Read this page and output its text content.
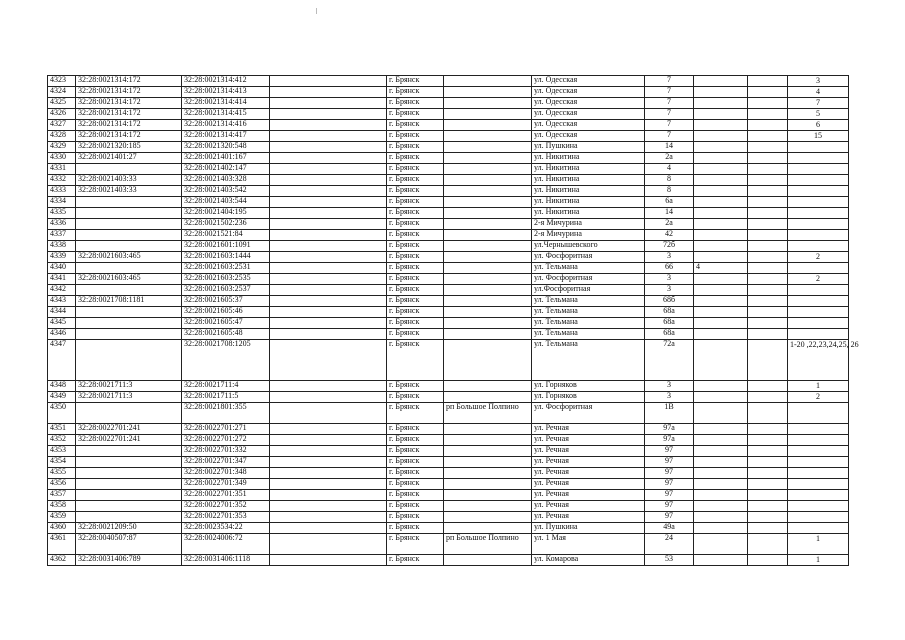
4323	32:28:0021314:172	32:28:0021314:412		г. Брянск		ул. Одесская	7			3
4324	32:28:0021314:172	32:28:0021314:413		г. Брянск		ул. Одесская	7			4
4325	32:28:0021314:172	32:28:0021314:414		г. Брянск		ул. Одесская	7			7
4326	32:28:0021314:172	32:28:0021314:415		г. Брянск		ул. Одесская	7			5
4327	32:28:0021314:172	32:28:0021314:416		г. Брянск		ул. Одесская	7			6
4328	32:28:0021314:172	32:28:0021314:417		г. Брянск		ул. Одесская	7			15
4329	32:28:0021320:185	32:28:0021320:548		г. Брянск		ул. Пушкина	14			
4330	32:28:0021401:27	32:28:0021401:167		г. Брянск		ул. Никитина	2а			
4331		32:28:0021402:147		г. Брянск		ул. Никитина	4			
4332	32:28:0021403:33	32:28:0021403:328		г. Брянск		ул. Никитина	8			
4333	32:28:0021403:33	32:28:0021403:542		г. Брянск		ул. Никитина	8			
4334		32:28:0021403:544		г. Брянск		ул. Никитина	6а			
4335		32:28:0021404:195		г. Брянск		ул. Никитина	14			
4336		32:28:0021502:236		г. Брянск		2-я Мичурина	2а			
4337		32:28:0021521:84		г. Брянск		2-я Мичурина	42			
4338		32:28:0021601:1091		г. Брянск		ул.Чернышевского	72б			
4339	32:28:0021603:465	32:28:0021603:1444		г. Брянск		ул. Фосфоритная	3			2
4340		32:28:0021603:2531		г. Брянск		ул. Тельмана	66	4		
4341	32:28:0021603:465	32:28:0021603:2535		г. Брянск		ул. Фосфоритная	3			2
4342		32:28:0021603:2537		г. Брянск		ул.Фосфоритная	3			
4343	32:28:0021708:1181	32:28:0021605:37		г. Брянск		ул. Тельмана	68б			
4344		32:28:0021605:46		г. Брянск		ул. Тельмана	68а			
4345		32:28:0021605:47		г. Брянск		ул. Тельмана	68а			
4346		32:28:0021605:48		г. Брянск		ул. Тельмана	68а			
4347		32:28:0021708:1205		г. Брянск		ул. Тельмана	72а			1-20 ,22,23,24,25, 26
4348	32:28:0021711:3	32:28:0021711:4		г. Брянск		ул. Горняков	3			1
4349	32:28:0021711:3	32:28:0021711:5		г. Брянск		ул. Горняков	3			2
4350		32:28:0021801:355		г. Брянск	рп Большое Полпино	ул. Фосфоритная	1В			
4351	32:28:0022701:241	32:28:0022701:271		г. Брянск		ул. Речная	97а			
4352	32:28:0022701:241	32:28:0022701:272		г. Брянск		ул. Речная	97а			
4353		32:28:0022701:332		г. Брянск		ул. Речная	97			
4354		32:28:0022701:347		г. Брянск		ул. Речная	97			
4355		32:28:0022701:348		г. Брянск		ул. Речная	97			
4356		32:28:0022701:349		г. Брянск		ул. Речная	97			
4357		32:28:0022701:351		г. Брянск		ул. Речная	97			
4358		32:28:0022701:352		г. Брянск		ул. Речная	97			
4359		32:28:0022701:353		г. Брянск		ул. Речная	97			
4360	32:28:0021209:50	32:28:0023534:22		г. Брянск		ул. Пушкина	49а			
4361	32:28:0040507:87	32:28:0024006:72		г. Брянск	рп Большое Полпино	ул. 1 Мая	24			1
4362	32:28:0031406:789	32:28:0031406:1118		г. Брянск		ул. Комарова	53			1
